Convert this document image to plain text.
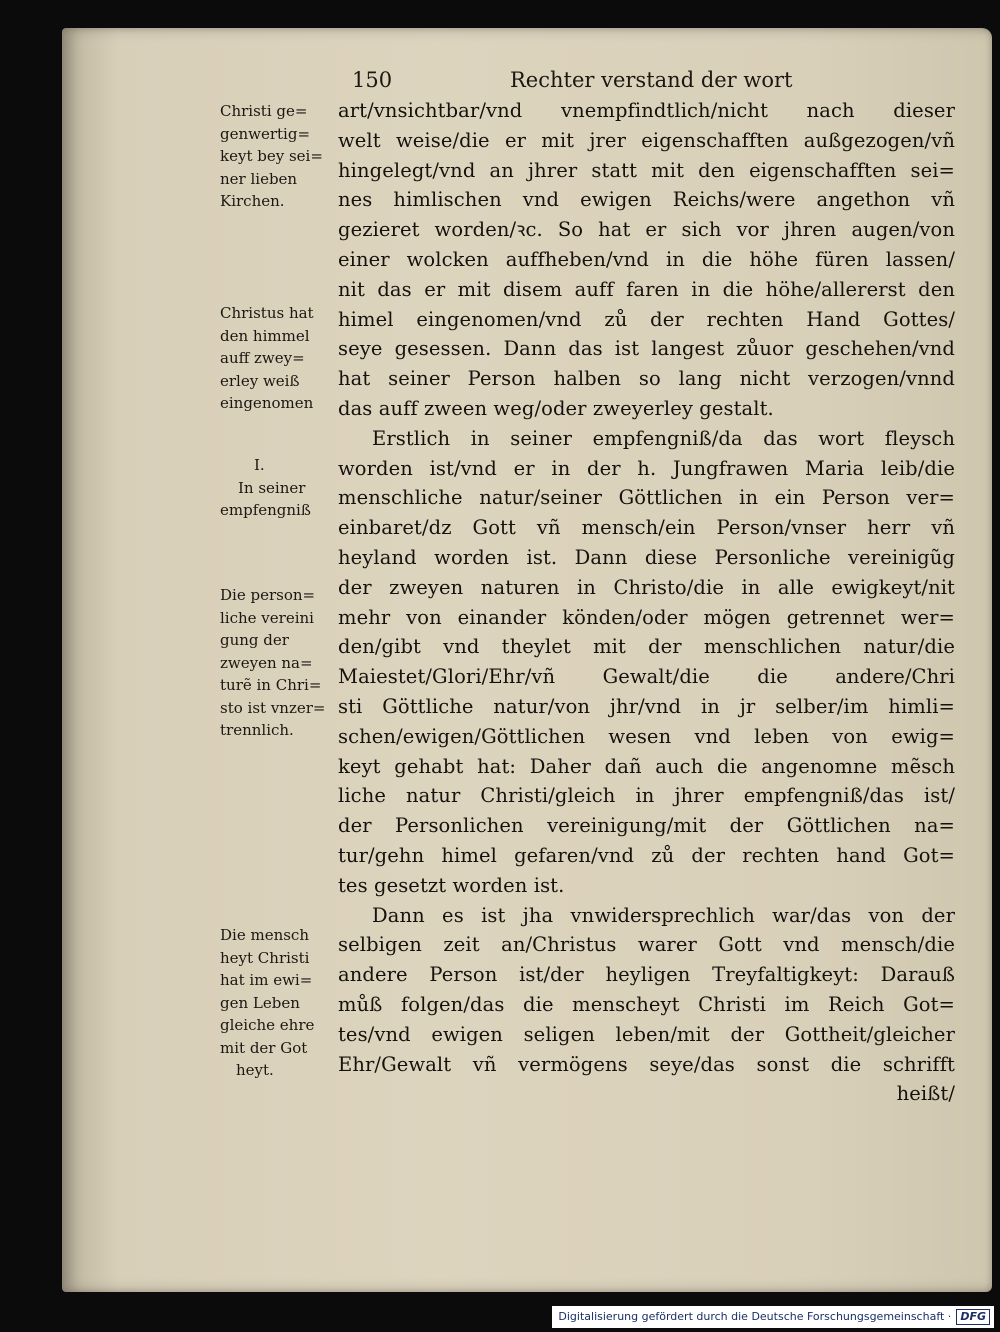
150	Rechter verstand der wort
art/vnsichtbar/vnd vnempfindtlich/nicht nach dieser
welt weise/die er mit jrer eigenschafften außgezogen/vñ
hingelegt/vnd an jhrer statt mit den eigenschafften sei=
nes himlischen vnd ewigen Reichs/were angethon vñ
gezieret worden/ꝛc. So hat er sich vor jhren augen/von
einer wolcken auffheben/vnd in die höhe füren lassen/
nit das er mit disem auff faren in die höhe/allererst den
himel eingenomen/vnd zů der rechten Hand Gottes/
seye gesessen. Dann das ist langest zůuor geschehen/vnd
hat seiner Person halben so lang nicht verzogen/vnnd
das auff zween weg/oder zweyerley gestalt.
Erstlich in seiner empfengniß/da das wort fleysch
worden ist/vnd er in der h. Jungfrawen Maria leib/die
menschliche natur/seiner Göttlichen in ein Person ver=
einbaret/dz Gott vñ mensch/ein Person/vnser herr vñ
heyland worden ist. Dann diese Personliche vereinigũg
der zweyen naturen in Christo/die in alle ewigkeyt/nit
mehr von einander könden/oder mögen getrennet wer=
den/gibt vnd theylet mit der menschlichen natur/die
Maiestet/Glori/Ehr/vñ Gewalt/die die andere/Chri
sti Göttliche natur/von jhr/vnd in jr selber/im himli=
schen/ewigen/Göttlichen wesen vnd leben von ewig=
keyt gehabt hat: Daher dañ auch die angenomne mẽsch
liche natur Christi/gleich in jhrer empfengniß/das ist/
der Personlichen vereinigung/mit der Göttlichen na=
tur/gehn himel gefaren/vnd zů der rechten hand Got=
tes gesetzt worden ist.
Dann es ist jha vnwidersprechlich war/das von der
selbigen zeit an/Christus warer Gott vnd mensch/die
andere Person ist/der heyligen Treyfaltigkeyt: Darauß
můß folgen/das die menscheyt Christi im Reich Got=
tes/vnd ewigen seligen leben/mit der Gottheit/gleicher
Ehr/Gewalt vñ vermögens seye/das sonst die schrifft
heißt/
Christi ge=
genwertig=
keyt bey sei=
ner lieben
Kirchen.
Christus hat
den himmel
auff zwey=
erley weiß
eingenomen
I.
In seiner
empfengniß
Die person=
liche vereini
gung der
zweyen na=
turẽ in Chri=
sto ist vnzer=
trennlich.
Die mensch
heyt Christi
hat im ewi=
gen Leben
gleiche ehre
mit der Got
heyt.
Digitalisierung gefördert durch die Deutsche Forschungsgemeinschaft · DFG
